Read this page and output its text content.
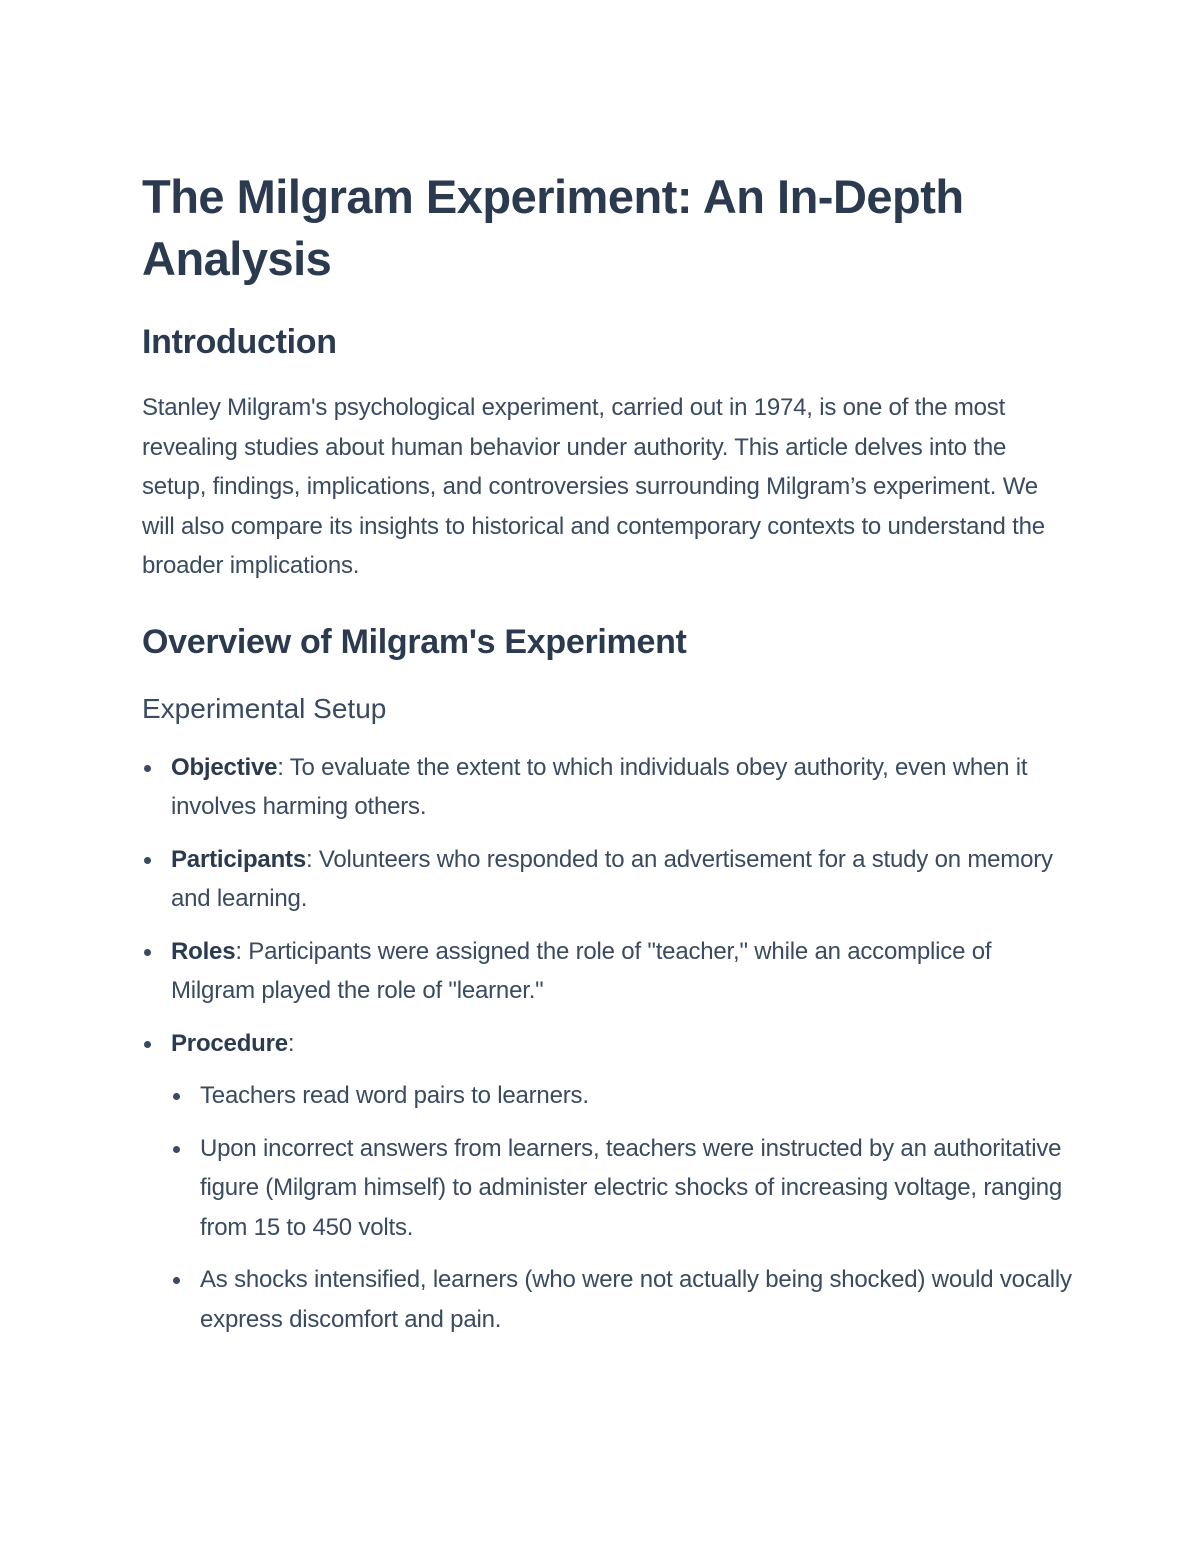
The Milgram Experiment: An In-Depth Analysis
Introduction

Stanley Milgram's psychological experiment, carried out in 1974, is one of the most revealing studies about human behavior under authority. This article delves into the setup, findings, implications, and controversies surrounding Milgram’s experiment. We will also compare its insights to historical and contemporary contexts to understand the broader implications.

Overview of Milgram's Experiment
Experimental Setup
Objective: To evaluate the extent to which individuals obey authority, even when it involves harming others.
Participants: Volunteers who responded to an advertisement for a study on memory and learning.
Roles: Participants were assigned the role of "teacher," while an accomplice of Milgram played the role of "learner."
Procedure:
Teachers read word pairs to learners.
Upon incorrect answers from learners, teachers were instructed by an authoritative figure (Milgram himself) to administer electric shocks of increasing voltage, ranging from 15 to 450 volts.
As shocks intensified, learners (who were not actually being shocked) would vocally express discomfort and pain.
